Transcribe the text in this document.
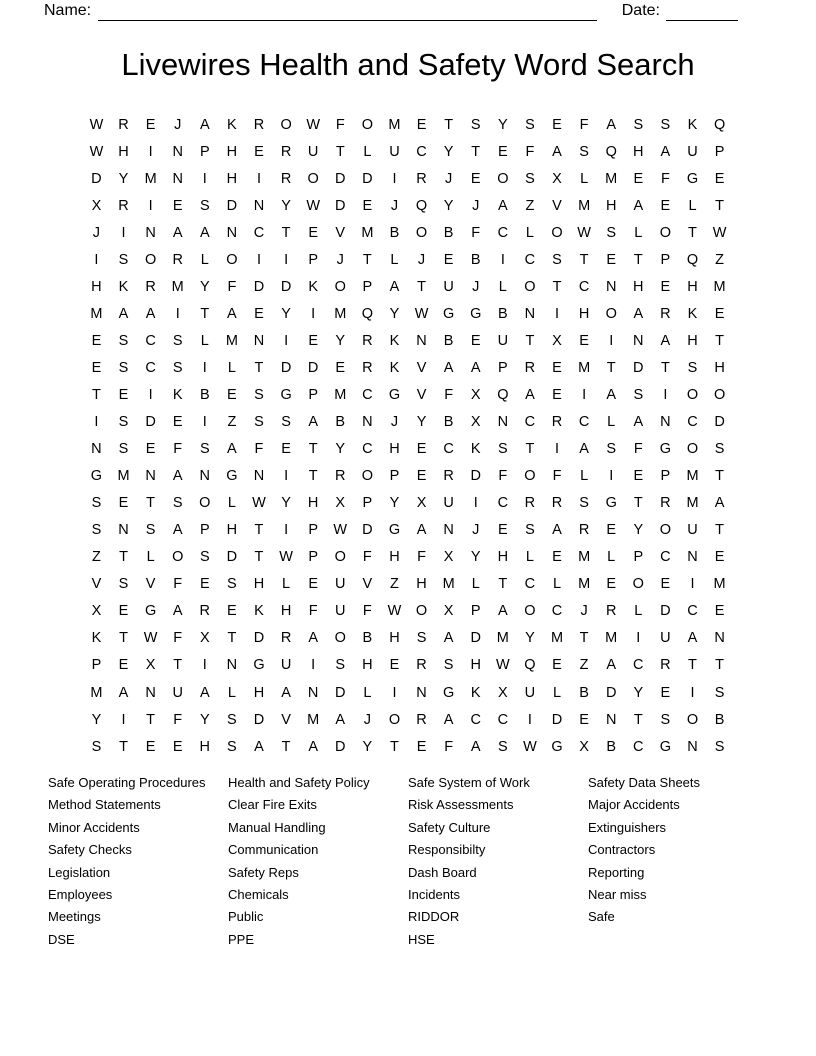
Name:	Date:
Livewires Health and Safety Word Search
W	R	E	J	A	K	R	O	W	F	O	M	E	T	S	Y	S	E	F	A	S	S	K	Q
W	H	I	N	P	H	E	R	U	T	L	U	C	Y	T	E	F	A	S	Q	H	A	U	P
D	Y	M	N	I	H	I	R	O	D	D	I	R	J	E	O	S	X	L	M	E	F	G	E
X	R	I	E	S	D	N	Y	W	D	E	J	Q	Y	J	A	Z	V	M	H	A	E	L	T
J	I	N	A	A	N	C	T	E	V	M	B	O	B	F	C	L	O	W	S	L	O	T	W
I	S	O	R	L	O	I	I	P	J	T	L	J	E	B	I	C	S	T	E	T	P	Q	Z
H	K	R	M	Y	F	D	D	K	O	P	A	T	U	J	L	O	T	C	N	H	E	H	M
M	A	A	I	T	A	E	Y	I	M	Q	Y	W	G	G	B	N	I	H	O	A	R	K	E
E	S	C	S	L	M	N	I	E	Y	R	K	N	B	E	U	T	X	E	I	N	A	H	T
E	S	C	S	I	L	T	D	D	E	R	K	V	A	A	P	R	E	M	T	D	T	S	H
T	E	I	K	B	E	S	G	P	M	C	G	V	F	X	Q	A	E	I	A	S	I	O	O
I	S	D	E	I	Z	S	S	A	B	N	J	Y	B	X	N	C	R	C	L	A	N	C	D
N	S	E	F	S	A	F	E	T	Y	C	H	E	C	K	S	T	I	A	S	F	G	O	S
G	M	N	A	N	G	N	I	T	R	O	P	E	R	D	F	O	F	L	I	E	P	M	T
S	E	T	S	O	L	W	Y	H	X	P	Y	X	U	I	C	R	R	S	G	T	R	M	A
S	N	S	A	P	H	T	I	P	W	D	G	A	N	J	E	S	A	R	E	Y	O	U	T
Z	T	L	O	S	D	T	W	P	O	F	H	F	X	Y	H	L	E	M	L	P	C	N	E
V	S	V	F	E	S	H	L	E	U	V	Z	H	M	L	T	C	L	M	E	O	E	I	M
X	E	G	A	R	E	K	H	F	U	F	W	O	X	P	A	O	C	J	R	L	D	C	E
K	T	W	F	X	T	D	R	A	O	B	H	S	A	D	M	Y	M	T	M	I	U	A	N
P	E	X	T	I	N	G	U	I	S	H	E	R	S	H	W	Q	E	Z	A	C	R	T	T
M	A	N	U	A	L	H	A	N	D	L	I	N	G	K	X	U	L	B	D	Y	E	I	S
Y	I	T	F	Y	S	D	V	M	A	J	O	R	A	C	C	I	D	E	N	T	S	O	B
S	T	E	E	H	S	A	T	A	D	Y	T	E	F	A	S	W	G	X	B	C	G	N	S
Safe Operating Procedures
Method Statements
Minor Accidents
Safety Checks
Legislation
Employees
Meetings
DSE
Health and Safety Policy
Clear Fire Exits
Manual Handling
Communication
Safety Reps
Chemicals
Public
PPE
Safe System of Work
Risk Assessments
Safety Culture
Responsibilty
Dash Board
Incidents
RIDDOR
HSE
Safety Data Sheets
Major Accidents
Extinguishers
Contractors
Reporting
Near miss
Safe
